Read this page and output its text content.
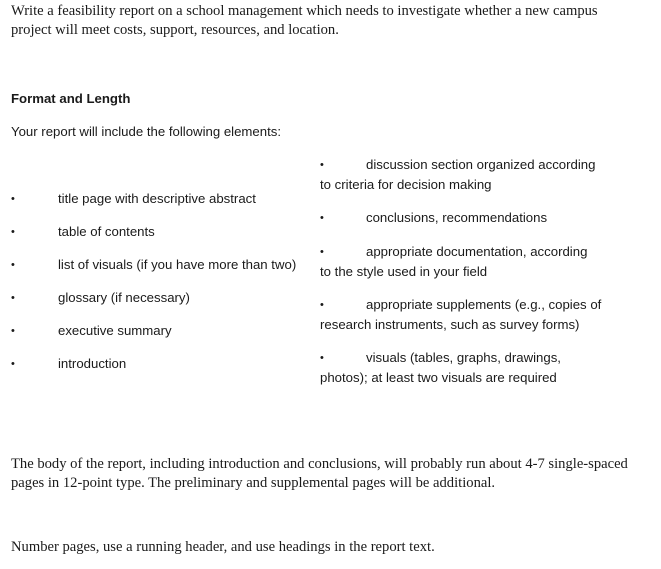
Write a feasibility report on a school management which needs to investigate whether a new campus project will meet costs, support, resources, and location.
Format and Length
Your report will include the following elements:
•	title page with descriptive abstract
•	table of contents
•	list of visuals (if you have more than two)
•	glossary (if necessary)
•	executive summary
•	introduction
•	discussion section organized according
to criteria for decision making
•	conclusions, recommendations
•	appropriate documentation, according
to the style used in your field
•	appropriate supplements (e.g., copies of
research instruments, such as survey forms)
•	visuals (tables, graphs, drawings,
photos); at least two visuals are required
The body of the report, including introduction and conclusions, will probably run about 4-7 single-spaced pages in 12-point type. The preliminary and supplemental pages will be additional.
Number pages, use a running header, and use headings in the report text.
